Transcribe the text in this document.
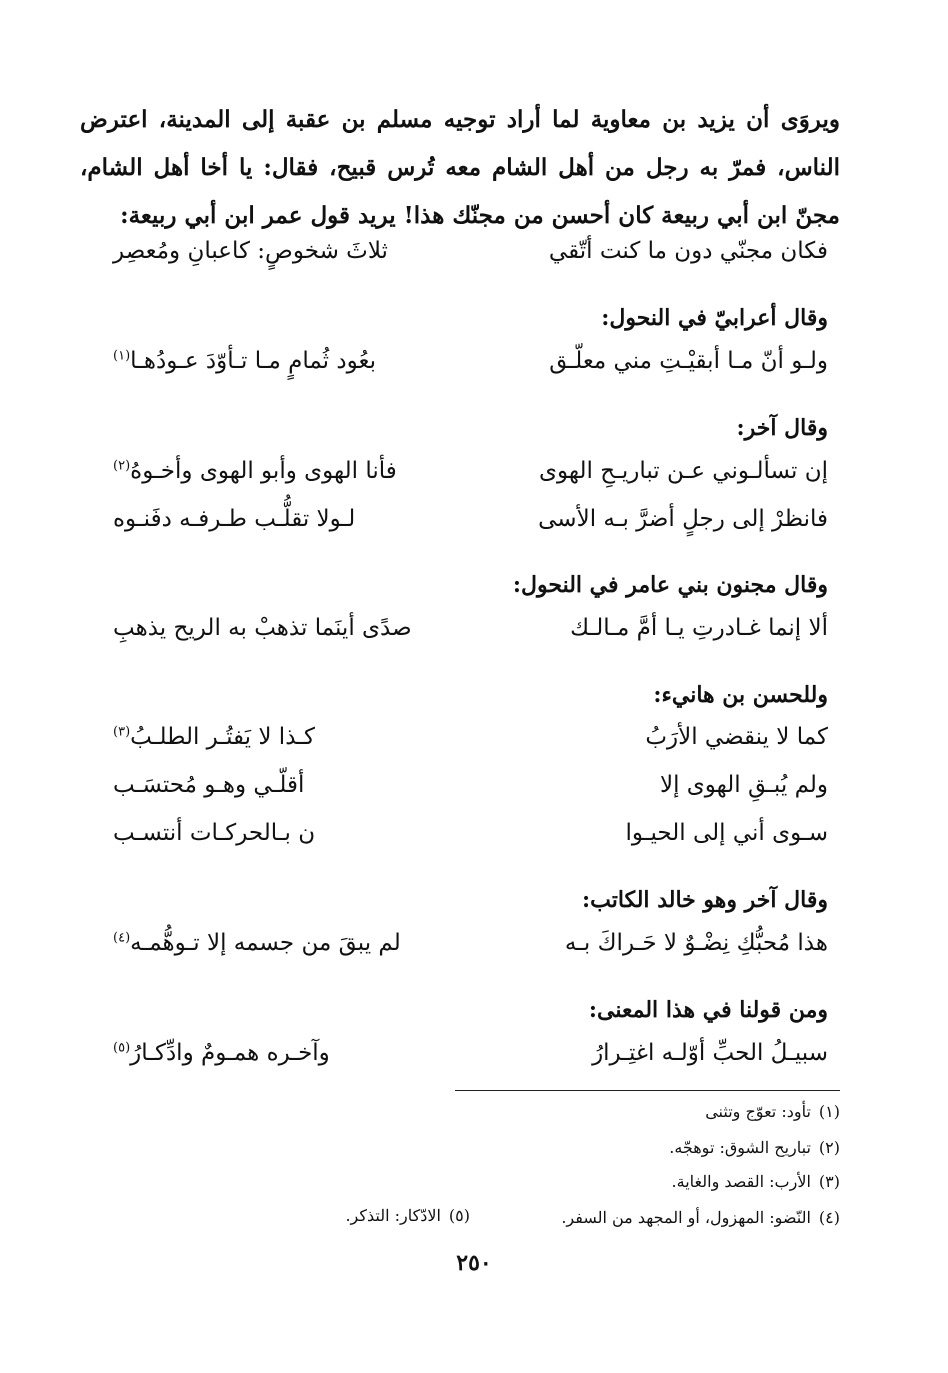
ويروَى أن يزيد بن معاوية لما أراد توجيه مسلم بن عقبة إلى المدينة، اعترض الناس، فمرّ به رجل من أهل الشام معه تُرس قبيح، فقال: يا أخا أهل الشام، مجنّ ابن أبي ربيعة كان أحسن من مجنّك هذا! يريد قول عمر ابن أبي ربيعة:

فكان مجنّي دون ما كنت أتّقي
ثلاثَ شخوصٍ: كاعبانِ ومُعصِر
وقال أعرابيّ في النحول:
ولـو أنّ مـا أبقيْـتِ مني معلّـق
بعُود ثُمامٍ مـا تـأوّدَ عـودُهـا$^{(١)}$
وقال آخر:
إن تسألـوني عـن تباريـحِ الهوى
فأنا الهوى وأبو الهوى وأخـوهُ$^{(٢)}$
فانظرْ إلى رجلٍ أضرَّ بـه الأسى
لـولا تقلُّـب طـرفـه دفَنـوه
وقال مجنون بني عامر في النحول:
ألا إنما غـادرتِ يـا أمَّ مـالـك
صدًى أينَما تذهبْ به الريح يذهبِ
وللحسن بن هانيء:
كما لا ينقضي الأرَبُ
كـذا لا يَفتُـر الطلـبُ$^{(٣)}$
ولم يُبـقِ الهوى إلا
أقلّـي وهـو مُحتسَـب
سـوى أني إلى الحيـوا
ن بـالحركـات أنتسـب
وقال آخر وهو خالد الكاتب:
هذا مُحبُّكِ نِضْـوٌ لا حَـراكَ بـه
لم يبقَ من جسمه إلا تـوهُّمـه$^{(٤)}$
ومن قولنا في هذا المعنى:
سبيـلُ الحبِّ أوّلـه اغتِـرارُ
وآخـره همـومٌ وادِّكـارُ$^{(٥)}$
(١)تأود: تعوّج وتثنى
(٢)تباريح الشوق: توهجّه.
(٣)الأرب: القصد والغاية.
(٤)النّضو: المهزول، أو المجهد من السفر.
(٥)الادّكار: التذكر.
٢٥٠
